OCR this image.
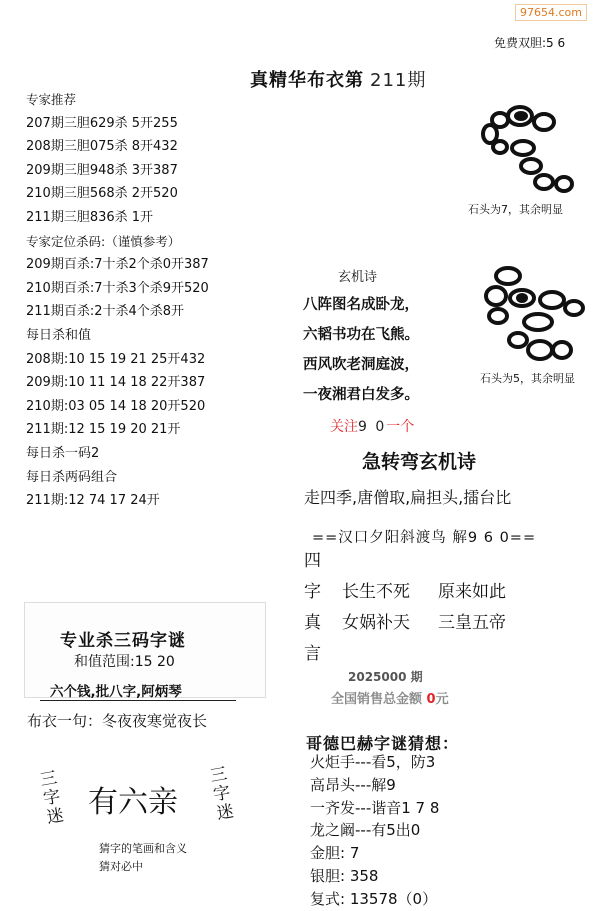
97654.com
免费双胆:5 6
真精华布衣第 211期
专家推荐
207期三胆629杀 5开255
208期三胆075杀 8开432
209期三胆948杀 3开387
210期三胆568杀 2开520
211期三胆836杀 1开
专家定位杀码:（谨慎参考）
209期百杀:7十杀2个杀0开387
210期百杀:7十杀3个杀9开520
211期百杀:2十杀4个杀8开
每日杀和值
208期:10 15 19 21 25开432
209期:10 11 14 18 22开387
210期:03 05 14 18 20开520
211期:12 15 19 20 21开
每日杀一码2
每日杀两码组合
211期:12 74 17 24开
石头为7，其余明显
石头为5，其余明显
玄机诗
八阵图名成卧龙，
六韬书功在飞熊。
西风吹老洞庭波，
一夜湘君白发多。
关注9 0一个
急转弯玄机诗
走四季,唐僧取,扁担头,擂台比
==汉口夕阳斜渡鸟 解9 6 0==
四
字 长生不死 原来如此
真 女娲补天 三皇五帝
言
2025000 期
全国销售总金额 0元
专业杀三码字谜
和值范围:15 20
六个钱,批八字,阿炳琴
布衣一句：冬夜夜寒觉夜长
三字迷 有六亲
三字迷
猜字的笔画和含义
猜对必中
哥德巴赫字谜猜想：
火炬手---看5，防3
高昂头---解9
一齐发---谐音1 7 8
龙之阚---有5出0
金胆: 7
银胆: 358
复式: 13578（0）
